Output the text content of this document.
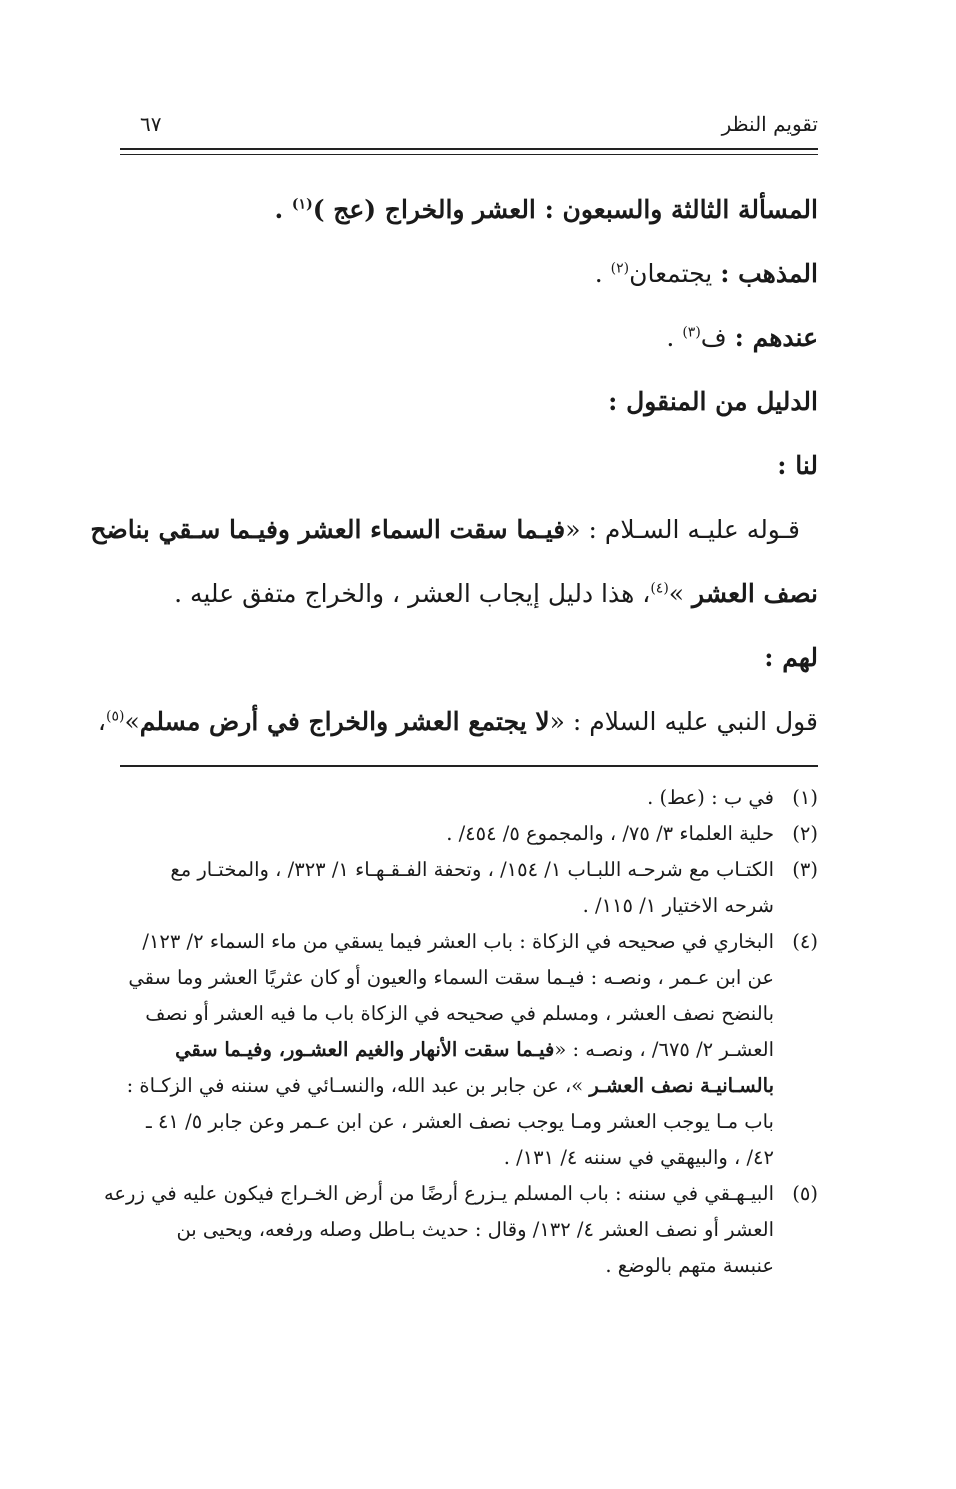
تقويم النظر
٦٧
المسألة الثالثة والسبعون : العشر والخراج (عج )$^{(١)}$ .
المذهب : يجتمعان$^{(٢)}$ .
عندهم : ف$^{(٣)}$ .
الدليل من المنقول :
لنا :
قـوله عليـه السـلام : «فيـما سقت السماء العشر وفيـما سـقي بناضح
نصف العشر »$^{(٤)}$، هذا دليل إيجاب العشر ، والخراج متفق عليه .
لهم :
قول النبي عليه السلام : «لا يجتمع العشر والخراج في أرض مسلم»$^{(٥)}$،
(١)
في ب : (عط) .
(٢)
حلية العلماء ٣/ ٧٥/ ، والمجموع ٥/ ٤٥٤/ .
(٣)
الكتـاب مع شرحـه اللبـاب ١/ ١٥٤/ ، وتحفة الفـقـهـاء ١/ ٣٢٣/ ، والمختـار مع
شرحه الاختيار ١/ ١١٥/ .
(٤)
البخاري في صحيحه في الزكاة : باب العشر فيما يسقي من ماء السماء ٢/ ١٢٣/
عن ابن عـمر ، ونصـه : فيـما سقت السماء والعيون أو كان عثريًا العشر وما سقي
بالنضح نصف العشر ، ومسلم في صحيحه في الزكاة باب ما فيه العشر أو نصف
العشـر ٢/ ٦٧٥/ ، ونصـه : «فيـما سقت الأنهار والغيم العشـور، وفيـما سقي
بالسـانيـة نصف العشـر »، عن جابر بن عبد الله، والنسـائي في سننه في الزكـاة :
باب مـا يوجب العشر ومـا يوجب نصف العشر ، عن ابن عـمر وعن جابر ٥/ ٤١ ـ
٤٢/ ، والبيهقي في سننه ٤/ ١٣١/ .
(٥)
البيـهـقي في سننه : باب المسلم يـزرع أرضًا من أرض الخـراج فيكون عليه في زرعه
العشر أو نصف العشر ٤/ ١٣٢/ وقال : حديث بـاطل وصله ورفعه، ويحيى بن
عنبسة متهم بالوضع .
